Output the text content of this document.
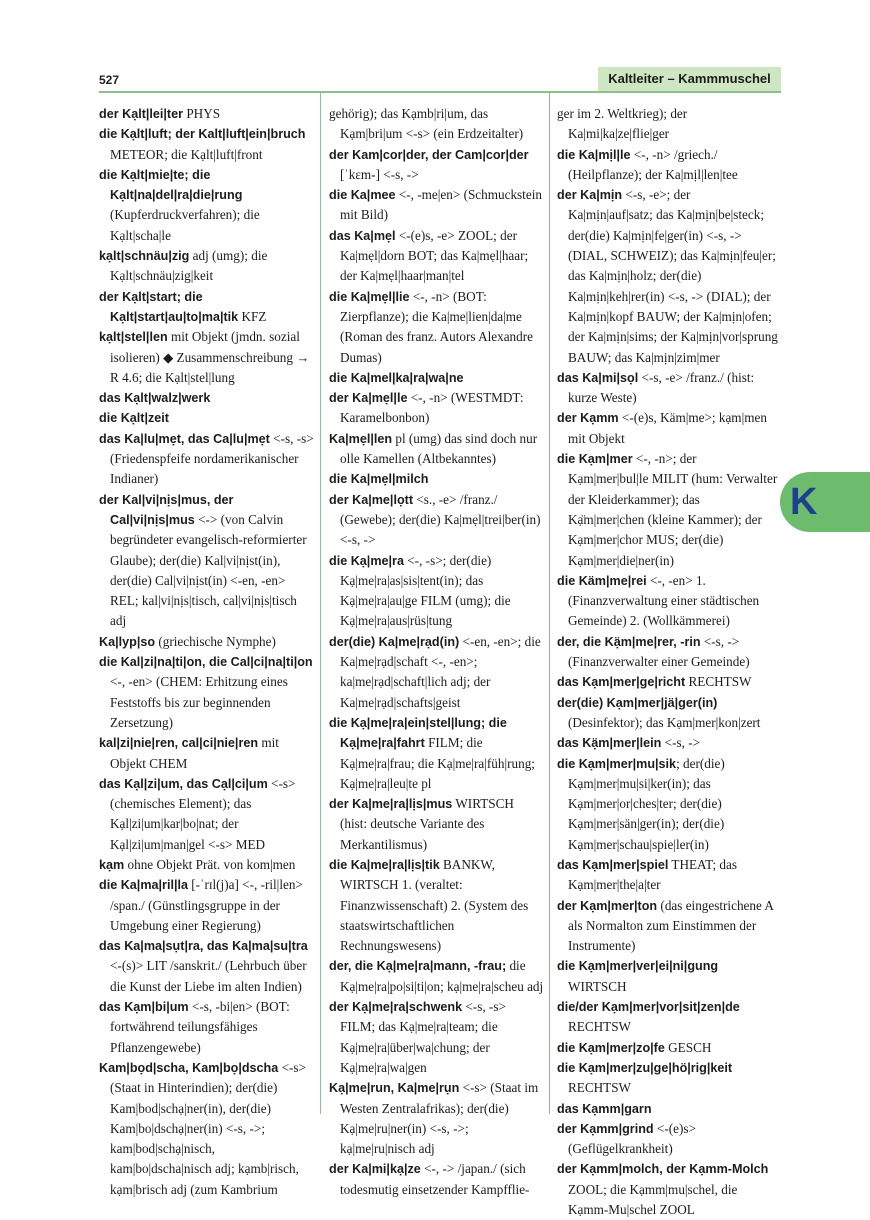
527	Kaltleiter – Kammmuschel
der Kạlt|lei|ter PHYS
die Kạlt|luft; der Kalt|luft|ein|bruch METEOR; die Kạlt|luft|front
die Kạlt|mie|te; die Kạlt|na|del|ra|die|rung (Kupferdruckverfahren); die Kạlt|scha|le
kạlt|schnäu|zig adj (umg); die Kạlt|schnäu|zig|keit
der Kạlt|start; die Kạlt|start|au|to|ma|tik KFZ
kạlt|stel|len mit Objekt (jmdn. sozial isolieren) ◆ Zusammenschreibung → R 4.6; die Kạlt|stel|lung
das Kạlt|walz|werk
die Kạlt|zeit
das Ka|lu|mẹt, das Ca|lu|mẹt <-s, -s> (Friedenspfeife nordamerikanischer Indianer)
der Kal|vi|nịs|mus, der Cal|vi|nịs|mus <-> (von Calvin begründeter evangelisch-reformierter Glaube); der(die) Kal|vi|nịst(in), der(die) Cal|vi|nịst(in) <-en, -en> REL; kal|vi|nịs|tisch, cal|vi|nịs|tisch adj
Ka|lyp|so (griechische Nymphe)
die Kal|zi|na|ti|on, die Cal|ci|na|ti|on <-, -en> (CHEM: Erhitzung eines Feststoffs bis zur beginnenden Zersetzung)
kal|zi|nie|ren, cal|ci|nie|ren mit Objekt CHEM
das Kạl|zi|um, das Cạl|ci|um <-s> (chemisches Element); das Kạl|zi|um|kar|bo|nat; der Kạl|zi|um|man|gel <-s> MED
kạm ohne Objekt Prät. von kom|men
die Ka|ma|ril|la [-ˈrɪl(j)a] <-, -ril|len> /span./ (Günstlingsgruppe in der Umgebung einer Regierung)
das Ka|ma|sụt|ra, das Ka|ma|su|tra <-(s)> LIT /sanskrit./ (Lehrbuch über die Kunst der Liebe im alten Indien)
das Kạm|bi|um <-s, -bi|en> (BOT: fortwährend teilungsfähiges Pflanzengewebe)
Kam|bọd|scha, Kam|bọ|dscha <-s> (Staat in Hinterindien); der(die) Kam|bod|schạ|ner(in), der(die) Kam|bo|dschạ|ner(in) <-s, ->; kam|bod|schạ|nisch, kam|bo|dscha|nisch adj; kạmb|risch, kạm|brisch adj (zum Kambrium
gehörig); das Kạmb|ri|um, das Kạm|bri|um <-s> (ein Erdzeitalter)
der Kam|cor|der, der Cam|cor|der [ˈkɛm-] <-s, ->
die Ka|mee <-, -me|en> (Schmuckstein mit Bild)
das Ka|mẹl <-(e)s, -e> ZOOL; der Ka|mẹl|dorn BOT; das Ka|mẹl|haar; der Ka|mẹl|haar|man|tel
die Ka|mẹl|lie <-, -n> (BOT: Zierpflanze); die Ka|me|lien|da|me (Roman des franz. Autors Alexandre Dumas)
die Ka|mel|ka|ra|wa|ne
der Ka|mẹl|le <-, -n> (WESTMDT: Karamelbonbon)
Ka|mẹl|len pl (umg) das sind doch nur olle Kamellen (Altbekanntes)
die Ka|mẹl|milch
der Ka|me|lọtt <s., -e> /franz./ (Gewebe); der(die) Ka|mẹl|trei|ber(in) <-s, ->
die Kạ|me|ra <-, -s>; der(die) Kạ|me|ra|as|sis|tent(in); das Kạ|me|ra|au|ge FILM (umg); die Kạ|me|ra|aus|rüs|tung
der(die) Ka|me|rạd(in) <-en, -en>; die Ka|me|rạd|schaft <-, -en>; ka|me|rạd|schaft|lich adj; der Ka|me|rạd|schafts|geist
die Kạ|me|ra|ein|stel|lung; die Kạ|me|ra|fahrt FILM; die Kạ|me|ra|frau; die Kạ|me|ra|füh|rung; Kạ|me|ra|leu|te pl
der Ka|me|ra|lịs|mus WIRTSCH (hist: deutsche Variante des Merkantilismus)
die Ka|me|ra|lịs|tik BANKW, WIRTSCH 1. (veraltet: Finanzwissenschaft) 2. (System des staatswirtschaftlichen Rechnungswesens)
der, die Kạ|me|ra|mann, -frau; die Kạ|me|ra|po|si|ti|on; kạ|me|ra|scheu adj
der Kạ|me|ra|schwenk <-s, -s> FILM; das Kạ|me|ra|team; die Kạ|me|ra|über|wa|chung; der Kạ|me|ra|wa|gen
Kạ|me|run, Ka|me|rụn <-s> (Staat im Westen Zentralafrikas); der(die) Kạ|me|ru|ner(in) <-s, ->; kạ|me|ru|nisch adj
der Ka|mi|kạ|ze <-, -> /japan./ (sich todesmutig einsetzender Kampfflie-
ger im 2. Weltkrieg); der Ka|mi|ka|ze|flie|ger
die Ka|mịl|le <-, -n> /griech./ (Heilpflanze); der Ka|mịl|len|tee
der Ka|mịn <-s, -e>; der Ka|mịn|auf|satz; das Ka|mịn|be|steck; der(die) Ka|mịn|fe|ger(in) <-s, -> (DIAL, SCHWEIZ); das Ka|mịn|feu|er; das Ka|mịn|holz; der(die) Ka|mịn|keh|rer(in) <-s, -> (DIAL); der Ka|mịn|kopf BAUW; der Ka|mịn|ofen; der Ka|mịn|sims; der Ka|mịn|vor|sprung BAUW; das Ka|mịn|zim|mer
das Ka|mi|sọl <-s, -e> /franz./ (hist: kurze Weste)
der Kạmm <-(e)s, Käm|me>; kạm|men mit Objekt
die Kạm|mer <-, -n>; der Kạm|mer|bul|le MILIT (hum: Verwalter der Kleiderkammer); das Kạ̈m|mer|chen (kleine Kammer); der Kạm|mer|chor MUS; der(die) Kạm|mer|die|ner(in)
die Käm|me|rei <-, -en> 1. (Finanzverwaltung einer städtischen Gemeinde) 2. (Wollkämmerei)
der, die Kạ̈m|me|rer, -rin <-s, -> (Finanzverwalter einer Gemeinde)
das Kạm|mer|ge|richt RECHTSW
der(die) Kạm|mer|jä|ger(in) (Desinfektor); das Kạm|mer|kon|zert
das Kạ̈m|mer|lein <-s, ->
die Kạm|mer|mu|sik; der(die) Kạm|mer|mu|si|ker(in); das Kạm|mer|or|ches|ter; der(die) Kạm|mer|sän|ger(in); der(die) Kạm|mer|schau|spie|ler(in)
das Kạm|mer|spiel THEAT; das Kạm|mer|the|a|ter
der Kạm|mer|ton (das eingestrichene A als Normalton zum Einstimmen der Instrumente)
die Kạm|mer|ver|ei|ni|gung WIRTSCH
die/der Kạm|mer|vor|sit|zen|de RECHTSW
die Kạm|mer|zo|fe GESCH
die Kạm|mer|zu|ge|hö|rig|keit RECHTSW
das Kạmm|garn
der Kạmm|grind <-(e)s> (Geflügelkrankheit)
der Kạmm|molch, der Kạmm-Molch ZOOL; die Kạmm|mu|schel, die Kạmm-Mu|schel ZOOL
K
